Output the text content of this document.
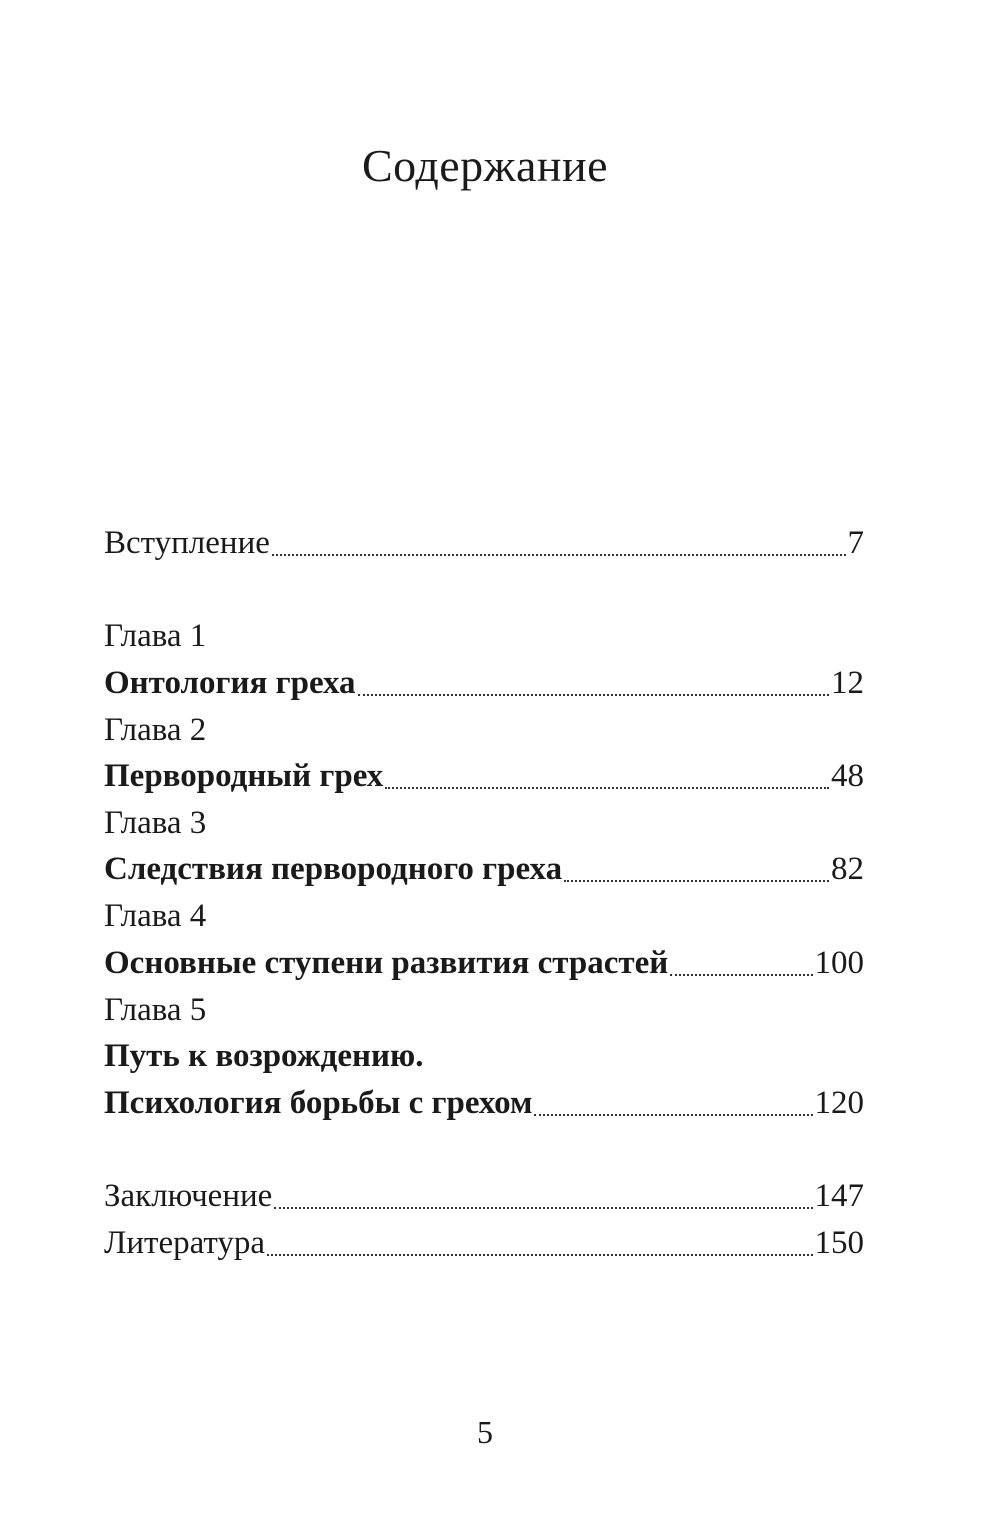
Содержание
Вступление	7
Глава 1
Онтология греха	12
Глава 2
Первородный грех	48
Глава 3
Следствия первородного греха	82
Глава 4
Основные ступени развития страстей	100
Глава 5
Путь к возрождению.
Психология борьбы с грехом	120
Заключение	147
Литература	150
5
